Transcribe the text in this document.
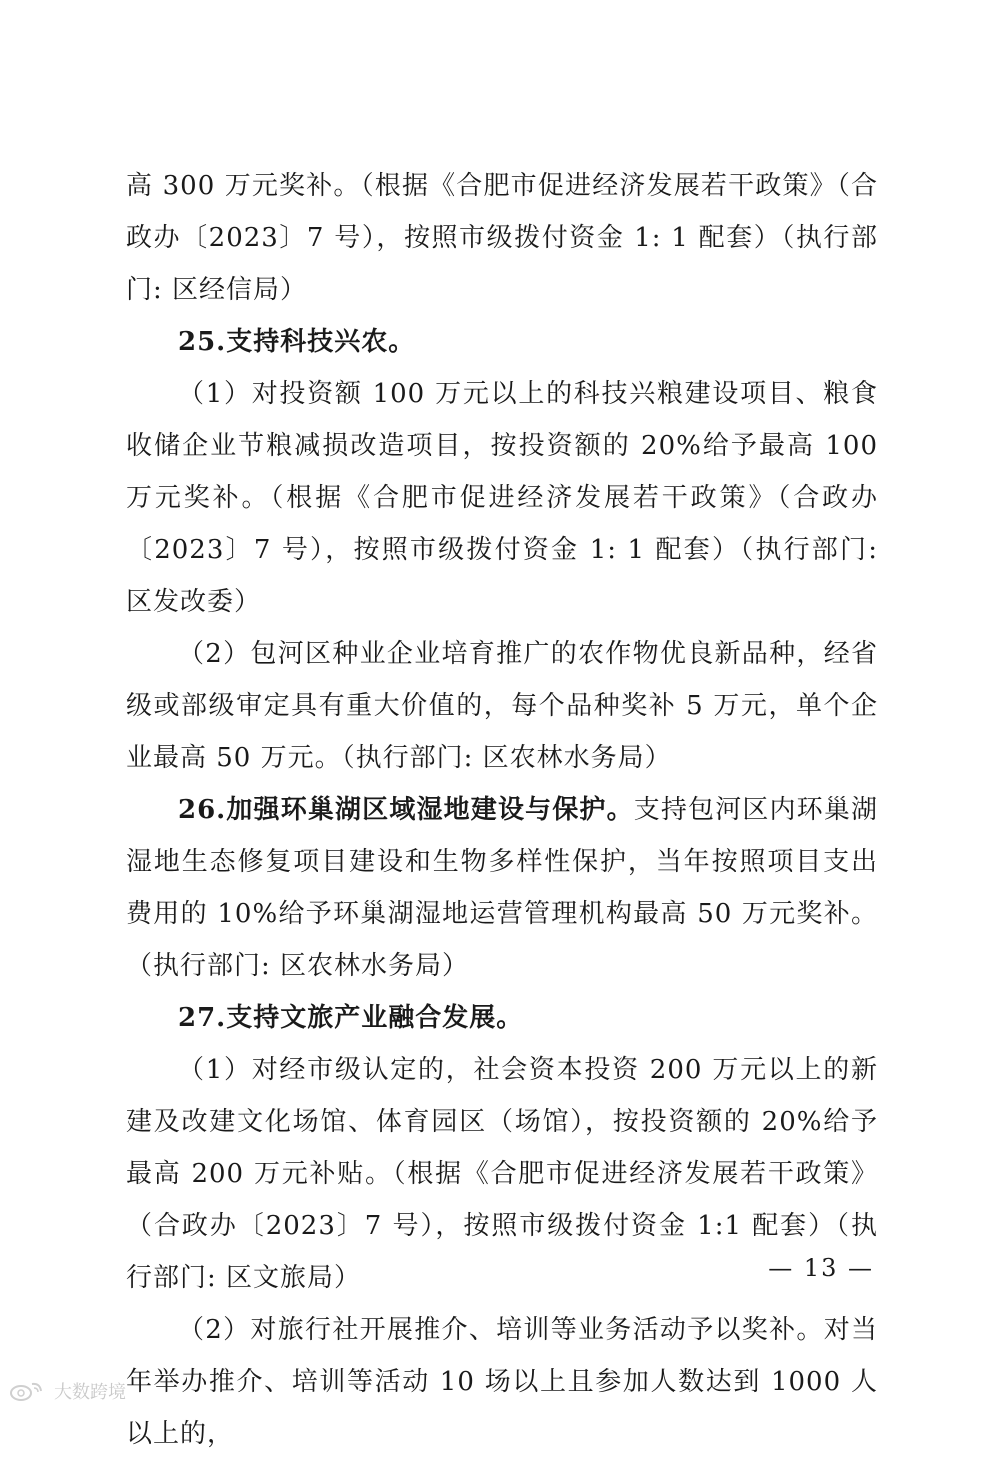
高 300 万元奖补。（根据《合肥市促进经济发展若干政策》（合政办〔2023〕7 号），按照市级拨付资金 1: 1 配套）（执行部门: 区经信局）

25.支持科技兴农。

（1）对投资额 100 万元以上的科技兴粮建设项目、粮食收储企业节粮减损改造项目，按投资额的 20%给予最高 100 万元奖补。（根据《合肥市促进经济发展若干政策》（合政办〔2023〕7 号），按照市级拨付资金 1: 1 配套）（执行部门: 区发改委）

（2）包河区种业企业培育推广的农作物优良新品种，经省级或部级审定具有重大价值的，每个品种奖补 5 万元，单个企业最高 50 万元。（执行部门: 区农林水务局）

26.加强环巢湖区域湿地建设与保护。支持包河区内环巢湖湿地生态修复项目建设和生物多样性保护，当年按照项目支出费用的 10%给予环巢湖湿地运营管理机构最高 50 万元奖补。（执行部门: 区农林水务局）

27.支持文旅产业融合发展。

（1）对经市级认定的，社会资本投资 200 万元以上的新建及改建文化场馆、体育园区（场馆），按投资额的 20%给予最高 200 万元补贴。（根据《合肥市促进经济发展若干政策》（合政办〔2023〕7 号），按照市级拨付资金 1:1 配套）（执行部门: 区文旅局）

（2）对旅行社开展推介、培训等业务活动予以奖补。对当年举办推介、培训等活动 10 场以上且参加人数达到 1000 人以上的，

— 13 —
大数跨境
